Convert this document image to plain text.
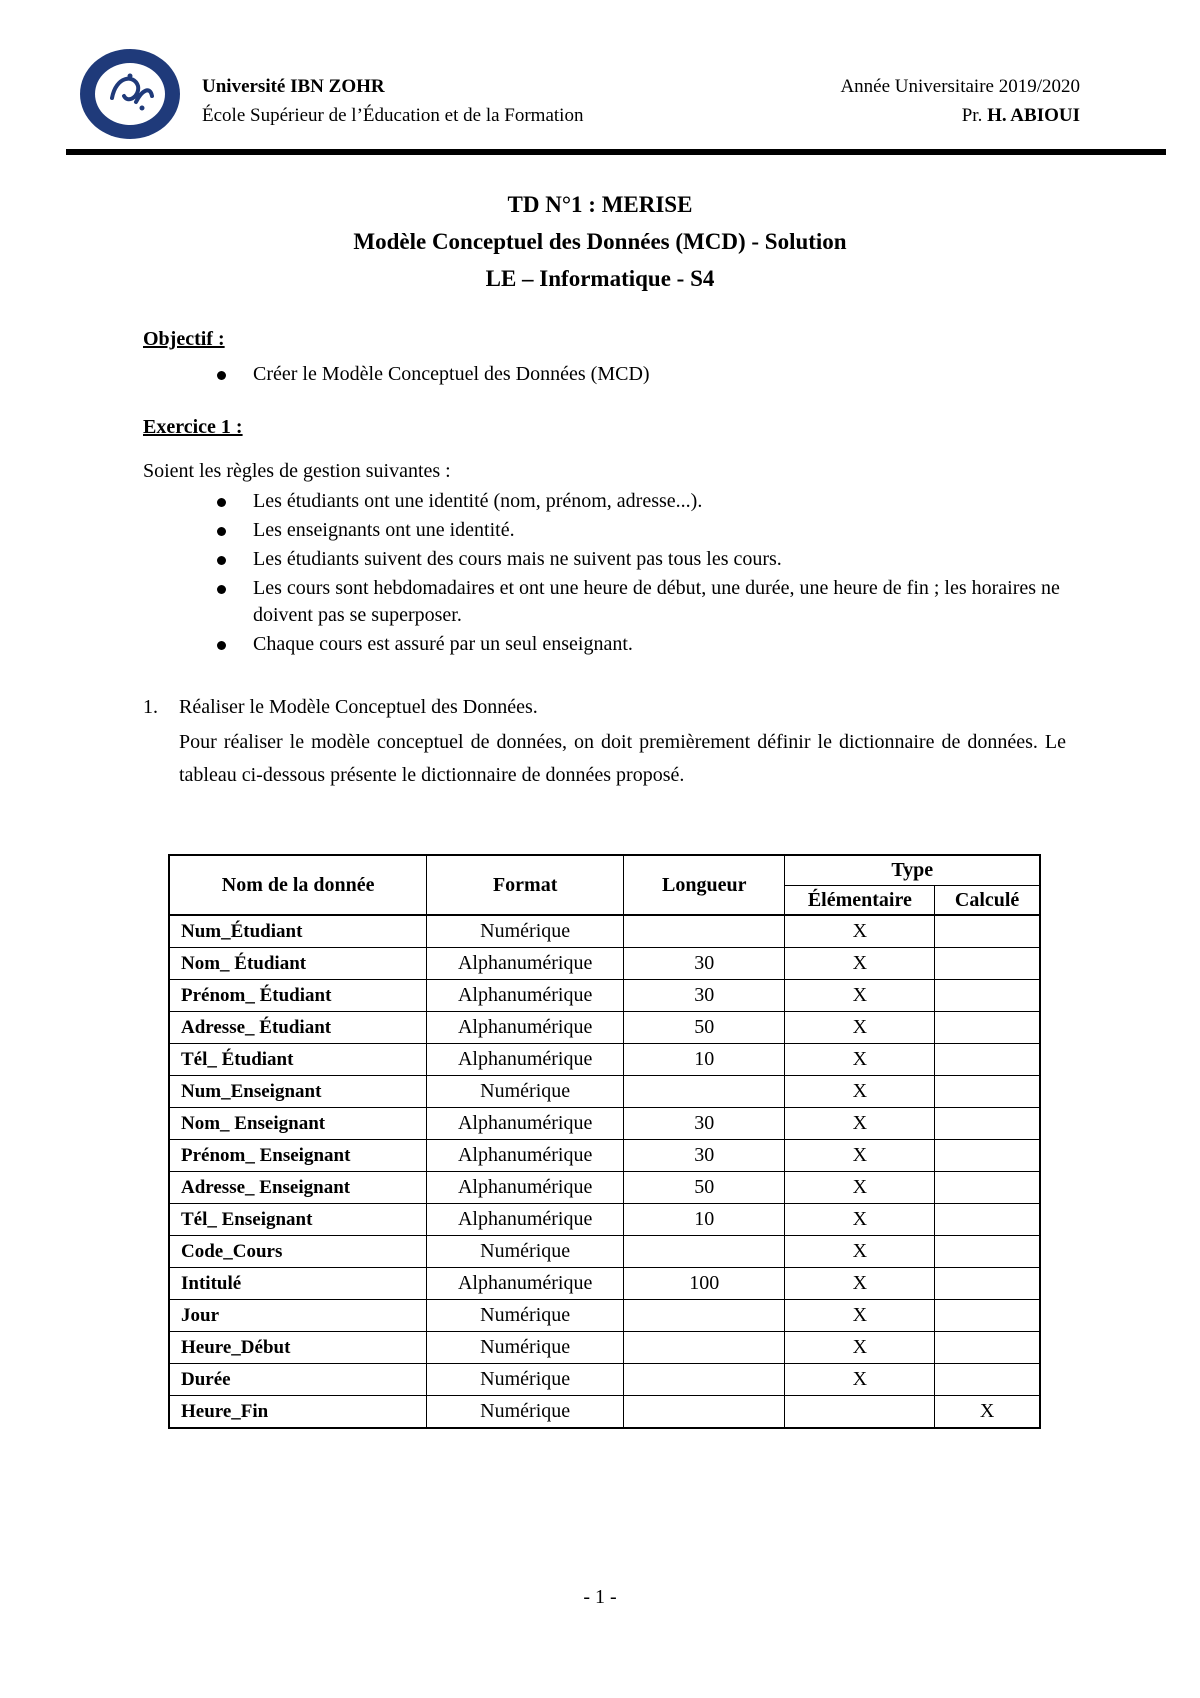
Université IBN ZOHR
École Supérieur de l’Éducation et de la Formation
Année Universitaire 2019/2020
Pr. H. ABIOUI
TD N°1 : MERISE
Modèle Conceptuel des Données (MCD) - Solution
LE – Informatique - S4
Objectif :
Créer le Modèle Conceptuel des Données (MCD)
Exercice 1 :
Soient les règles de gestion suivantes :
Les étudiants ont une identité (nom, prénom, adresse...).
Les enseignants ont une identité.
Les étudiants suivent des cours mais ne suivent pas tous les cours.
Les cours sont hebdomadaires et ont une heure de début, une durée, une heure de fin ; les horaires ne doivent pas se superposer.
Chaque cours est assuré par un seul enseignant.
1. Réaliser le Modèle Conceptuel des Données.
Pour réaliser le modèle conceptuel de données, on doit premièrement définir le dictionnaire de données. Le tableau ci-dessous présente le dictionnaire de données proposé.
Nom de la donnée	Format	Longueur	Type	
			Élémentaire	Calculé
Num_Étudiant	Numérique		X	
Nom_ Étudiant	Alphanumérique	30	X	
Prénom_ Étudiant	Alphanumérique	30	X	
Adresse_ Étudiant	Alphanumérique	50	X	
Tél_ Étudiant	Alphanumérique	10	X	
Num_Enseignant	Numérique		X	
Nom_ Enseignant	Alphanumérique	30	X	
Prénom_ Enseignant	Alphanumérique	30	X	
Adresse_ Enseignant	Alphanumérique	50	X	
Tél_ Enseignant	Alphanumérique	10	X	
Code_Cours	Numérique		X	
Intitulé	Alphanumérique	100	X	
Jour	Numérique		X	
Heure_Début	Numérique		X	
Durée	Numérique		X	
Heure_Fin	Numérique			X
- 1 -
